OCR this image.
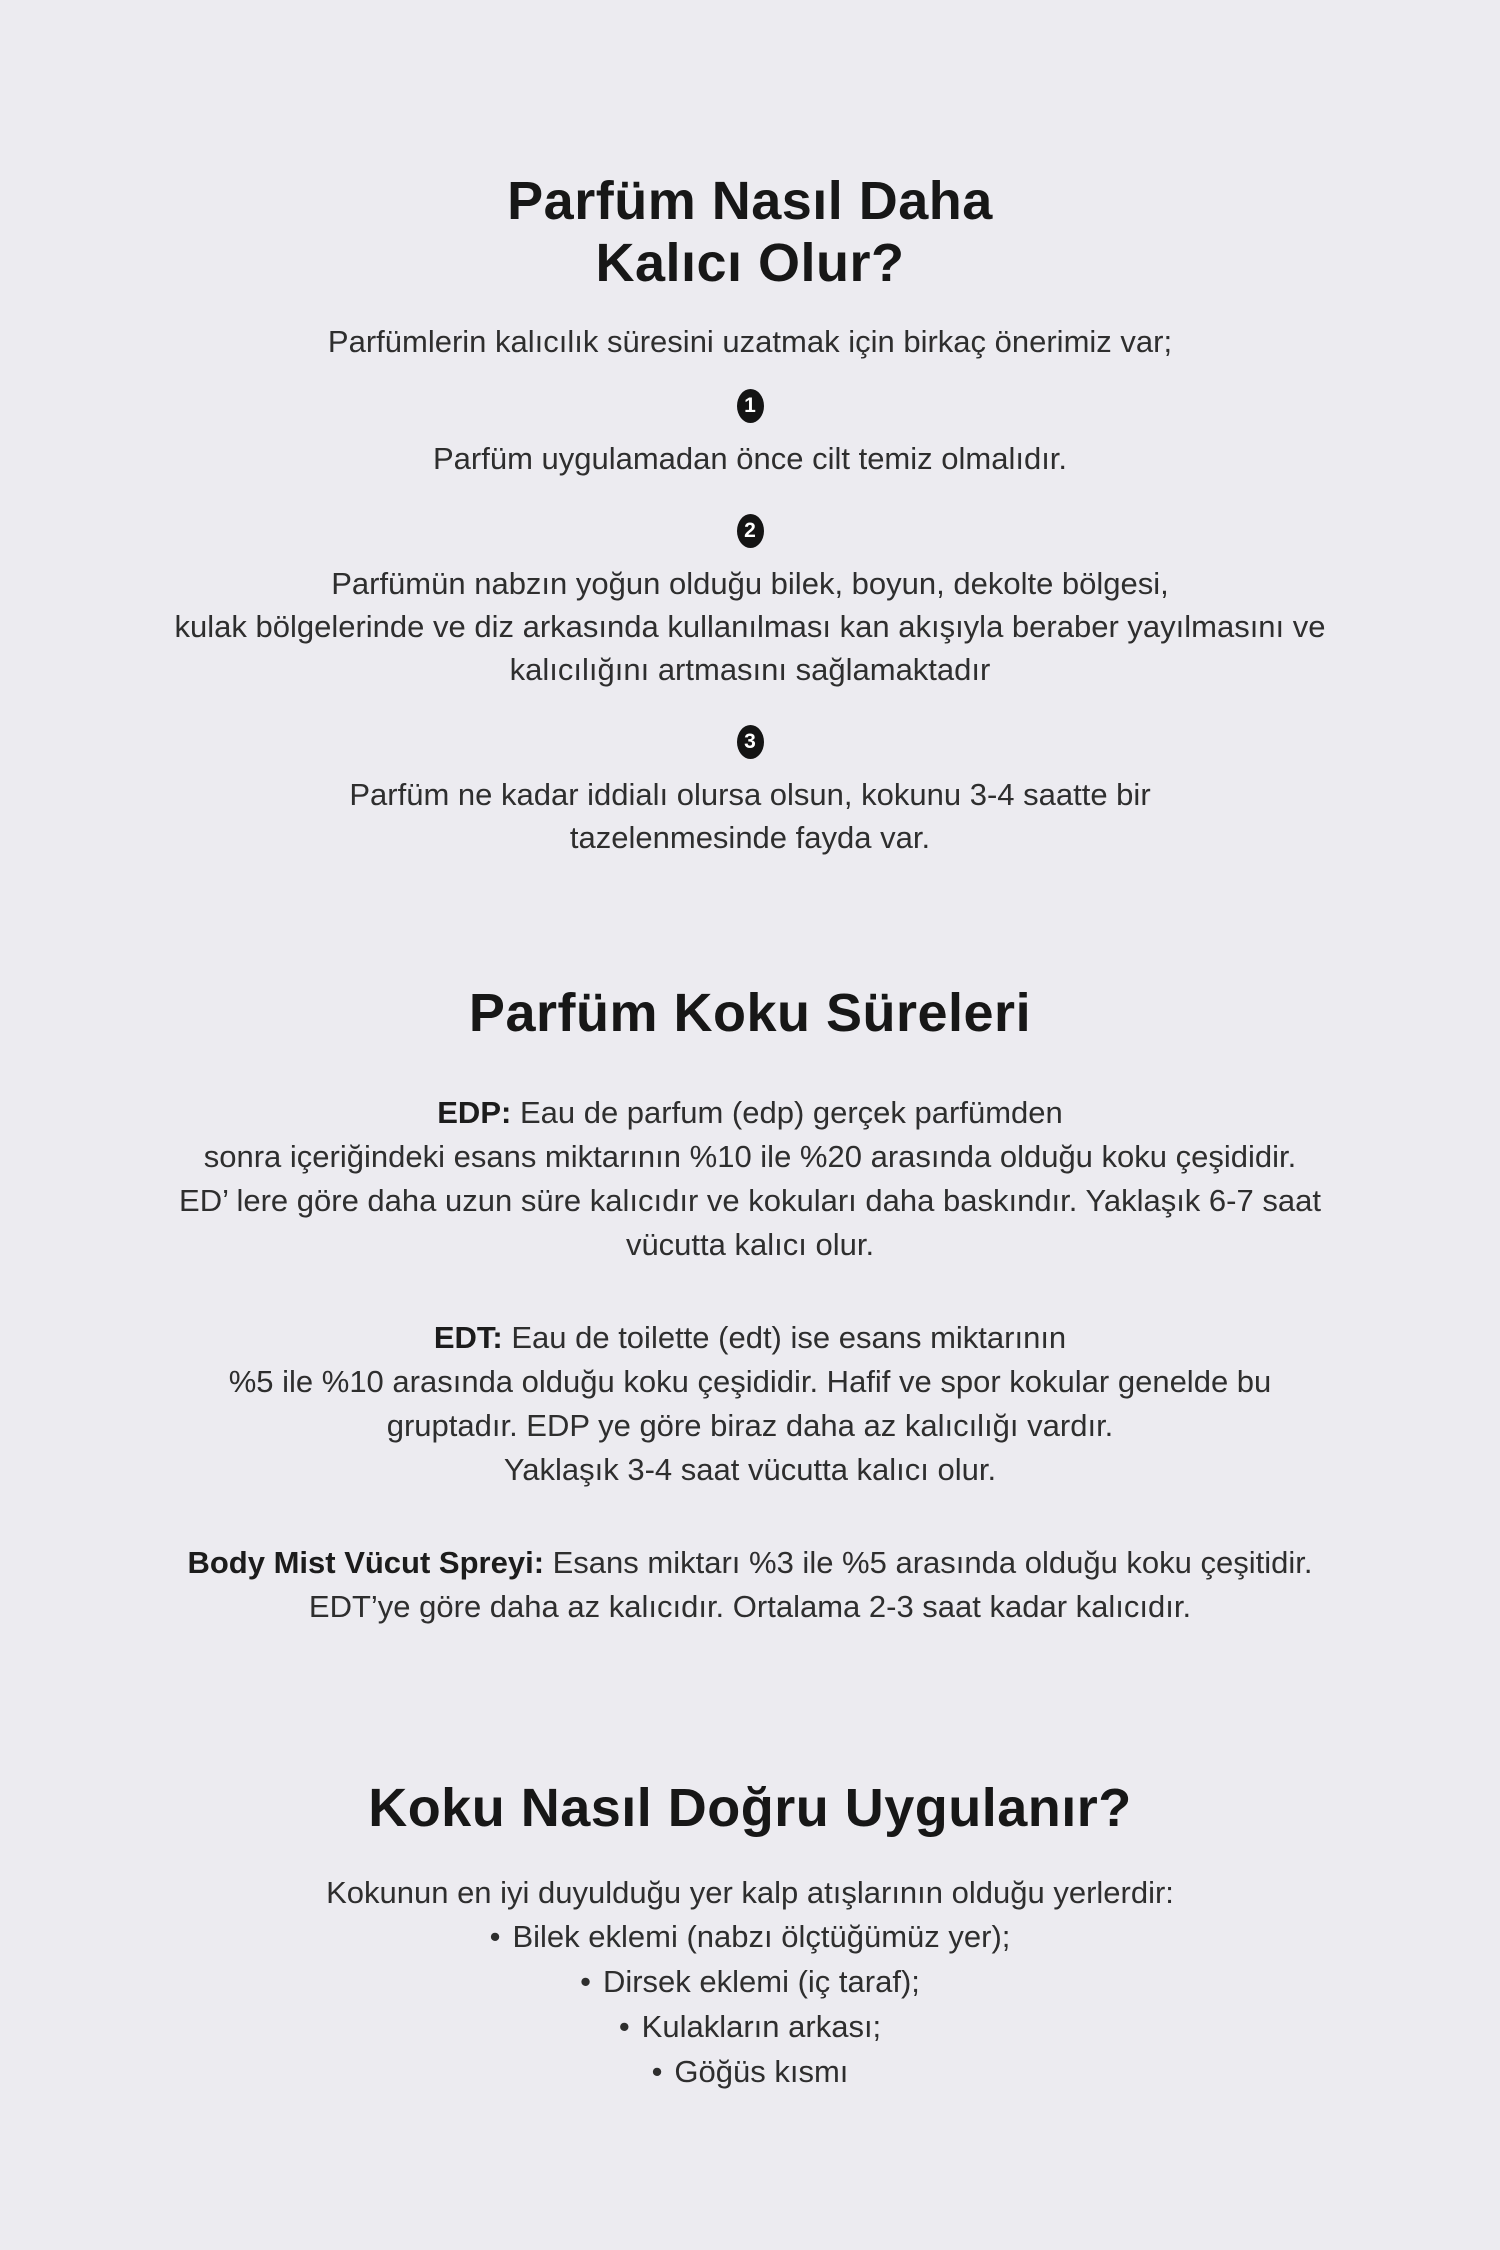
Parfüm Nasıl Daha
Kalıcı Olur?

Parfümlerin kalıcılık süresini uzatmak için birkaç önerimiz var;

1
Parfüm uygulamadan önce cilt temiz olmalıdır.
2
Parfümün nabzın yoğun olduğu bilek, boyun, dekolte bölgesi,
kulak bölgelerinde ve diz arkasında kullanılması kan akışıyla beraber yayılmasını ve
kalıcılığını artmasını sağlamaktadır
3
Parfüm ne kadar iddialı olursa olsun, kokunu 3-4 saatte bir
tazelenmesinde fayda var.
Parfüm Koku Süreleri
EDP: Eau de parfum (edp) gerçek parfümden
sonra içeriğindeki esans miktarının %10 ile %20 arasında olduğu koku çeşididir.
ED’ lere göre daha uzun süre kalıcıdır ve kokuları daha baskındır. Yaklaşık 6-7 saat
vücutta kalıcı olur.
EDT: Eau de toilette (edt) ise esans miktarının
%5 ile %10 arasında olduğu koku çeşididir. Hafif ve spor kokular genelde bu
gruptadır. EDP ye göre biraz daha az kalıcılığı vardır.
Yaklaşık 3-4 saat vücutta kalıcı olur.
Body Mist Vücut Spreyi: Esans miktarı %3 ile %5 arasında olduğu koku çeşitidir.
EDT’ye göre daha az kalıcıdır. Ortalama 2-3 saat kadar kalıcıdır.
Koku Nasıl Doğru Uygulanır?

Kokunun en iyi duyulduğu yer kalp atışlarının olduğu yerlerdir:

• Bilek eklemi (nabzı ölçtüğümüz yer);
• Dirsek eklemi (iç taraf);
• Kulakların arkası;
• Göğüs kısmı
